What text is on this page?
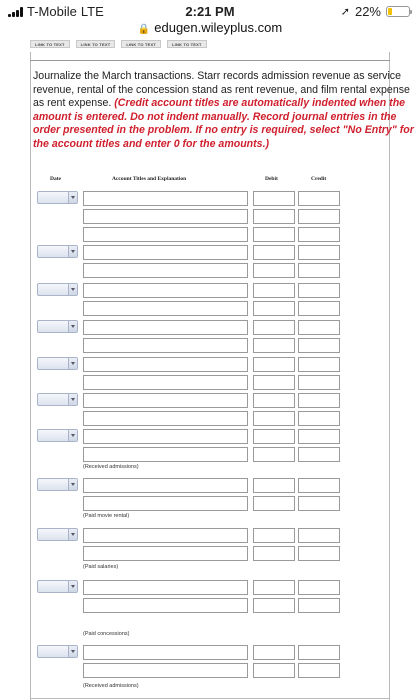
T-Mobile LTE	2:21 PM	➚ 22%
🔒 edugen.wileyplus.com
LINK TO TEXT	LINK TO TEXT	LINK TO TEXT	LINK TO TEXT
Journalize the March transactions. Starr records admission revenue as service revenue, rental of the concession stand as rent revenue, and film rental expense as rent expense. (Credit account titles are automatically indented when the amount is entered. Do not indent manually. Record journal entries in the order presented in the problem. If no entry is required, select "No Entry" for the account titles and enter 0 for the amounts.)
Date	Account Titles and Explanation	Debit	Credit
(Received admissions)
(Paid movie rental)
(Paid salaries)
(Paid concessions)
(Received admissions)
